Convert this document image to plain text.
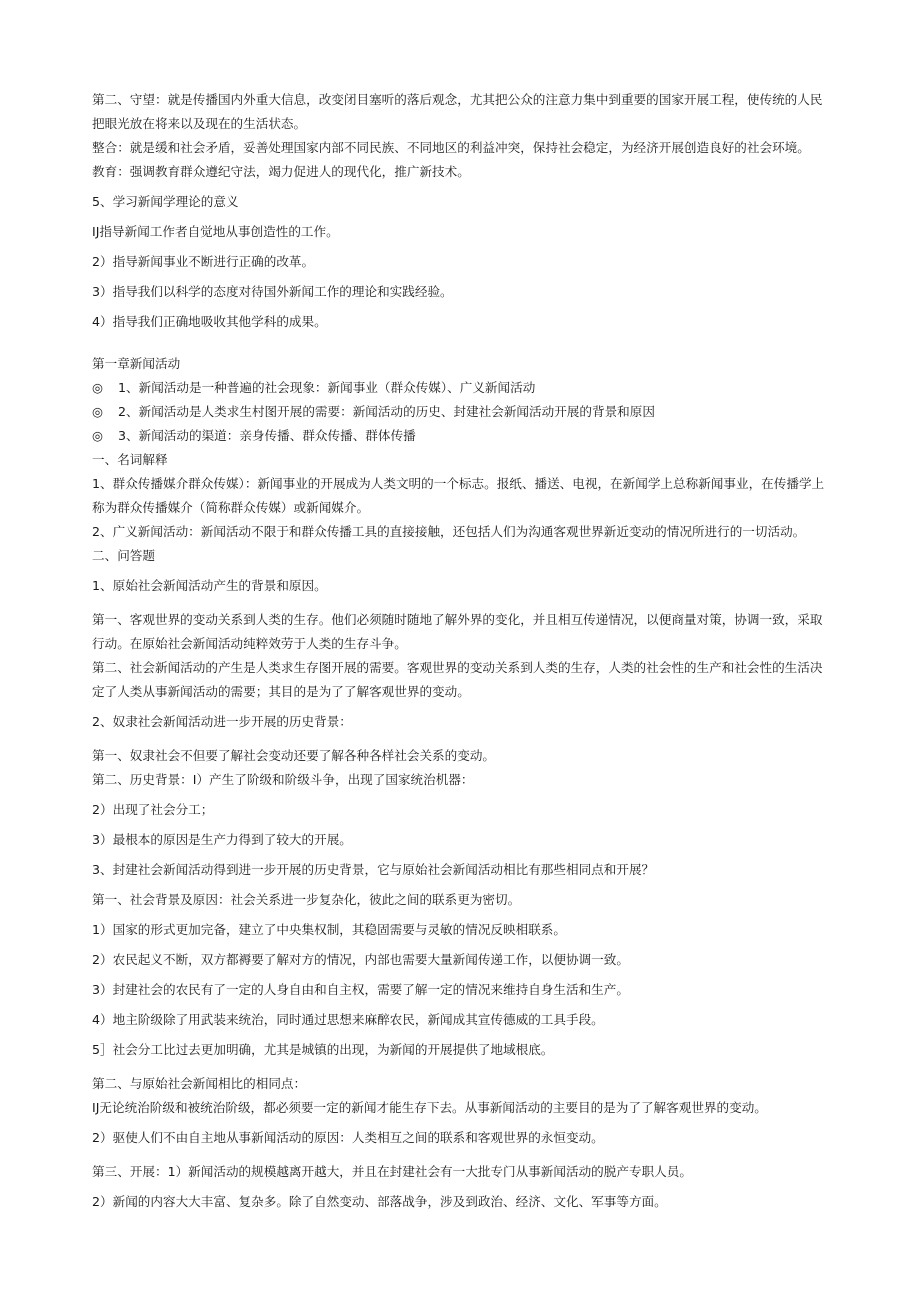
第二、守望：就是传播国内外重大信息，改变闭目塞听的落后观念，尤其把公众的注意力集中到重要的国家开展工程，使传统的人民把眼光放在将来以及现在的生活状态。

整合：就是缓和社会矛盾，妥善处理国家内部不同民族、不同地区的利益冲突，保持社会稳定，为经济开展创造良好的社会环境。

教育：强调教育群众遵纪守法，竭力促进人的现代化，推广新技术。

5、学习新闻学理论的意义

IJ指导新闻工作者自觉地从事创造性的工作。

2）指导新闻事业不断进行正确的改革。

3）指导我们以科学的态度对待国外新闻工作的理论和实践经验。

4）指导我们正确地吸收其他学科的成果。

第一章新闻活动

◎	1、新闻活动是一种普遍的社会现象：新闻事业（群众传媒）、广义新闻活动
◎	2、新闻活动是人类求生村图开展的需要：新闻活动的历史、封建社会新闻活动开展的背景和原因
◎	3、新闻活动的渠道：亲身传播、群众传播、群体传播

一、名词解释

1、群众传播媒介群众传媒）：新闻事业的开展成为人类文明的一个标志。报纸、播送、电视，在新闻学上总称新闻事业，在传播学上称为群众传播媒介（简称群众传媒）或新闻媒介。

2、广义新闻活动：新闻活动不限于和群众传播工具的直接接触，还包括人们为沟通客观世界新近变动的情况所进行的一切活动。

二、问答题

1、原始社会新闻活动产生的背景和原因。

第一、客观世界的变动关系到人类的生存。他们必须随时随地了解外界的变化，并且相互传递情况，以便商量对策，协调一致，采取行动。在原始社会新闻活动纯粹效劳于人类的生存斗争。

第二、社会新闻活动的产生是人类求生存图开展的需要。客观世界的变动关系到人类的生存，人类的社会性的生产和社会性的生活决定了人类从事新闻活动的需要；其目的是为了了解客观世界的变动。

2、奴隶社会新闻活动进一步开展的历史背景：

第一、奴隶社会不但要了解社会变动还要了解各种各样社会关系的变动。

第二、历史背景：I）产生了阶级和阶级斗争，出现了国家统治机器：

2）出现了社会分工；

3）最根本的原因是生产力得到了较大的开展。

3、封建社会新闻活动得到进一步开展的历史背景，它与原始社会新闻活动相比有那些相同点和开展？

第一、社会背景及原因：社会关系进一步复杂化，彼此之间的联系更为密切。

1）国家的形式更加完备，建立了中央集权制，其稳固需要与灵敏的情况反映相联系。

2）农民起义不断，双方都褥要了解对方的情况，内部也需要大量新闻传递工作，以便协调一致。

3）封建社会的农民有了一定的人身自由和自主权，需要了解一定的情况来维持自身生活和生产。

4）地主阶级除了用武装来统治，同时通过思想来麻醉农民，新闻成其宣传德威的工具手段。

5］社会分工比过去更加明确，尤其是城镇的出现，为新闻的开展提供了地域根底。

第二、与原始社会新闻相比的相同点：

IJ无论统治阶级和被统治阶级，都必须要一定的新闻才能生存下去。从事新闻活动的主要目的是为了了解客观世界的变动。

2）驱使人们不由自主地从事新闻活动的原因：人类相互之间的联系和客观世界的永恒变动。

第三、开展：1）新闻活动的规模越离开越大，并且在封建社会有一大批专门从事新闻活动的脱产专职人员。

2）新闻的内容大大丰富、复杂多。除了自然变动、部落战争，涉及到政治、经济、文化、军事等方面。
